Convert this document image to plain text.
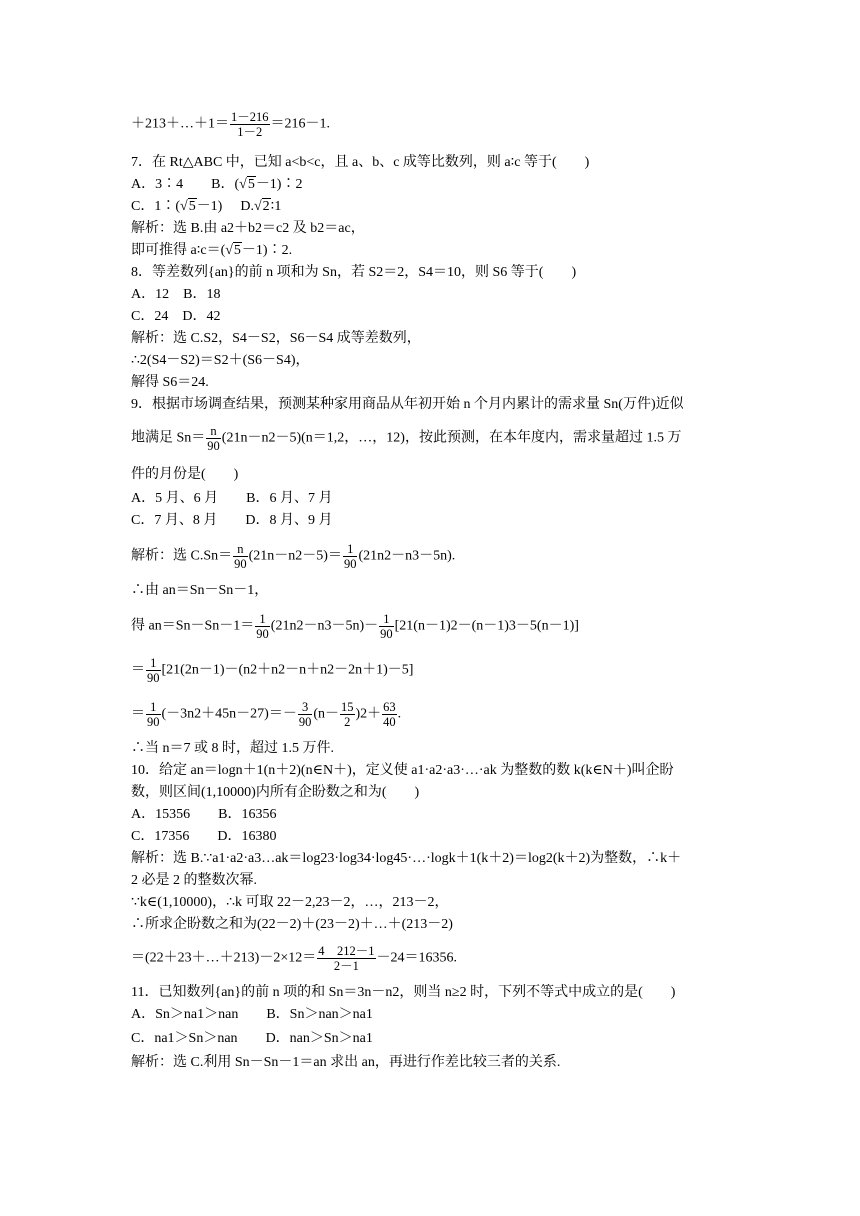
＋213＋…＋1＝ $\frac{1-216}{1-2} =216-1$.
7．在 Rt△ABC 中，已知 a<b<c，且 a、b、c 成等比数列，则 a∶c 等于(　　)
A．3∶4 B．(√5－1)∶2
C．1∶(√5－1) D.√2∶1
解析：选 B.由 a2＋b2＝c2 及 b2＝ac，
即可推得 a∶c＝(√5－1)∶2.
8．等差数列{an}的前 n 项和为 Sn，若 S2＝2，S4＝10，则 S6 等于(　　)
A．12　B．18
C．24　D．42
解析：选 C.S2，S4－S2，S6－S4 成等差数列，
∴2(S4－S2)＝S2＋(S6－S4)，
解得 S6＝24.
9．根据市场调查结果，预测某种家用商品从年初开始 n 个月内累计的需求量 Sn(万件)近似
地满足 $Sn= \frac{n}{90} (21n-n2-5)(n=1,2$，…，12)，按此预测，在本年度内，需求量超过 1.5 万
件的月份是(　　)
A．5 月、6 月 B．6 月、7 月
C．7 月、8 月 D．8 月、9 月
解析：选 $C.Sn= \frac{n}{90} (21n-n2-5)= \frac{1}{90} (21n2-n3-5n)$.
∴由 an＝Sn－Sn－1，
得 $an=Sn-Sn-1= \frac{1}{90} (21n2-n3-5n)- \frac{1}{90} [21(n-1)2-(n-1)3-5(n-1)]$
＝ $\frac{1}{90} [21(2n-1)-(n2+n2-n+n2-2n+1)-5]$
＝ $\frac{1}{90} (-3n2+45n-27)=- \frac{3}{90} (n- \frac{15}{2} )2+ \frac{63}{40}$ .
∴当 n＝7 或 8 时，超过 1.5 万件.
10．给定 an＝logn＋1(n＋2)(n∈N＋)，定义使 a1·a2·a3·…·ak 为整数的数 k(k∈N＋)叫企盼
数，则区间(1,10000)内所有企盼数之和为(　　)
A．15356　　B．16356
C．17356　　D．16380
解析：选 B.∵a1·a2·a3…ak＝log23·log34·log45·…·logk＋1(k＋2)＝log2(k＋2)为整数，∴k＋
2 必是 2 的整数次幂.
∵k∈(1,10000)，∴k 可取 22－2,23－2，…，213－2，
∴所求企盼数之和为(22－2)＋(23－2)＋…＋(213－2)
＝(22＋23＋…＋213)－2×12＝ $\frac{4 212-1}{2-1} -24=16356$.
11．已知数列{an}的前 n 项的和 Sn＝3n－n2，则当 n≥2 时，下列不等式中成立的是(　　)
A．Sn＞na1＞nan B．Sn＞nan＞na1
C．na1＞Sn＞nan D．nan＞Sn＞na1
解析：选 C.利用 Sn－Sn－1＝an 求出 an，再进行作差比较三者的关系.
